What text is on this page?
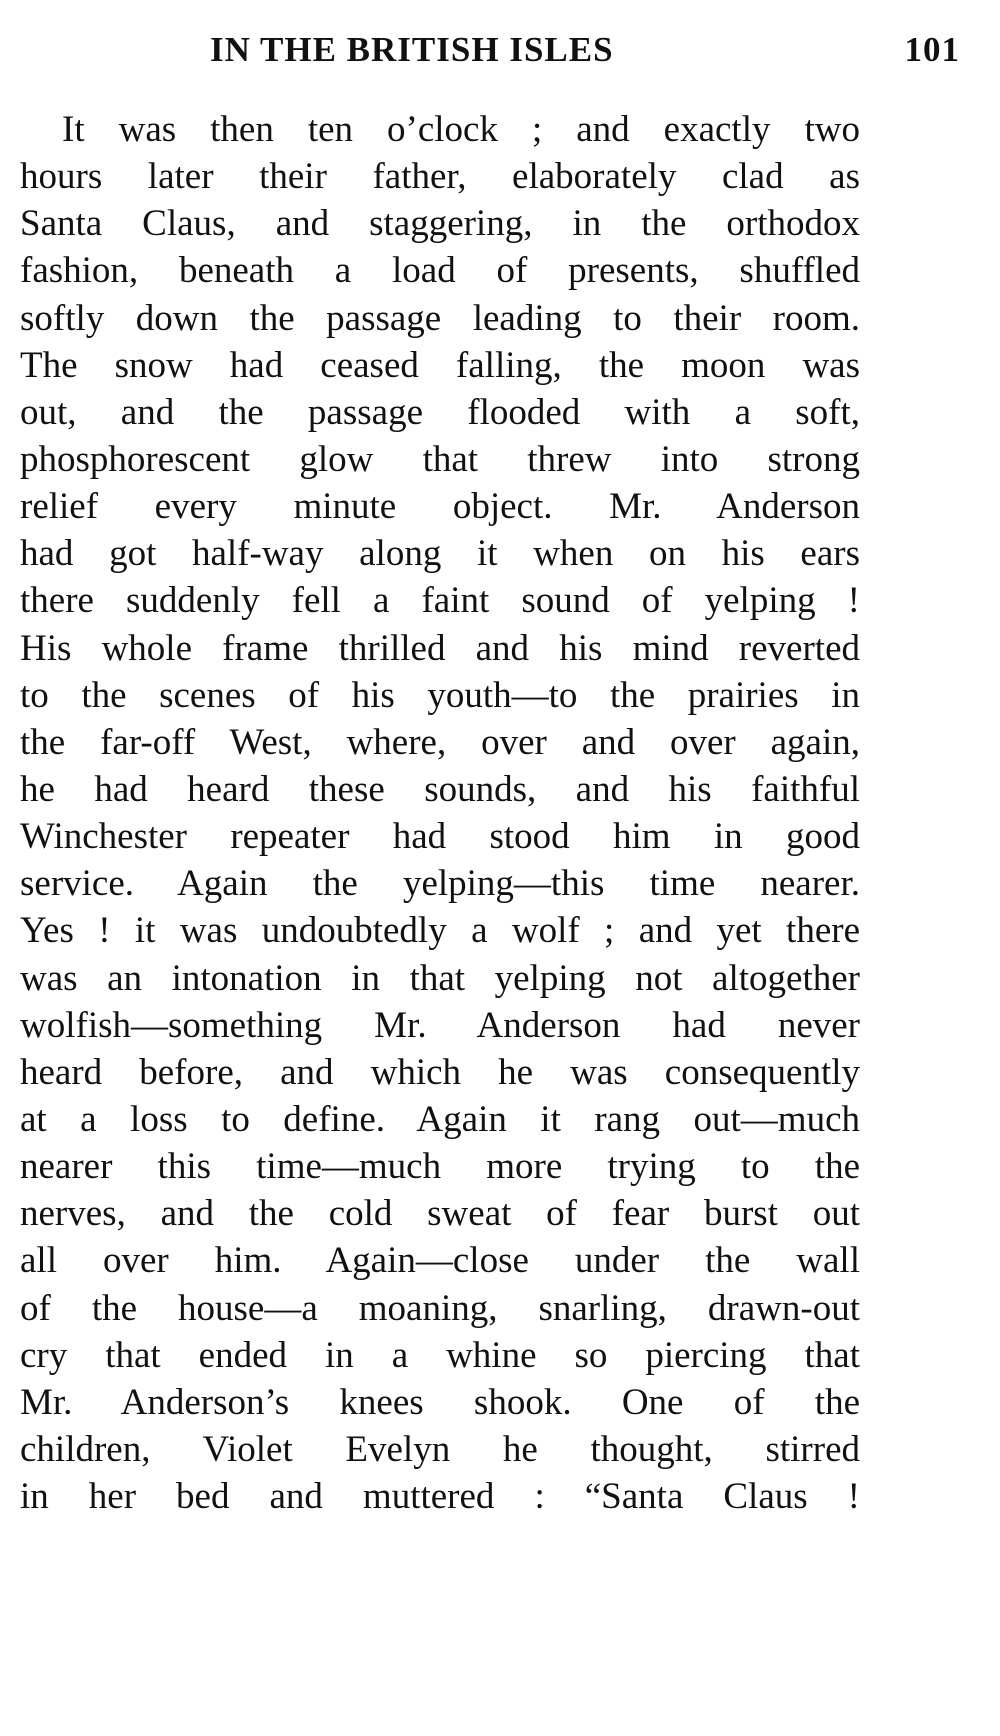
IN THE BRITISH ISLES	101
It was then ten o’clock ; and exactly two
hours later their father, elaborately clad as
Santa Claus, and staggering, in the orthodox
fashion, beneath a load of presents, shuffled
softly down the passage leading to their room.
The snow had ceased falling, the moon was
out, and the passage flooded with a soft,
phosphorescent glow that threw into strong
relief every minute object. Mr. Anderson
had got half-way along it when on his ears
there suddenly fell a faint sound of yelping !
His whole frame thrilled and his mind reverted
to the scenes of his youth—to the prairies in
the far-off West, where, over and over again,
he had heard these sounds, and his faithful
Winchester repeater had stood him in good
service. Again the yelping—this time nearer.
Yes ! it was undoubtedly a wolf ; and yet there
was an intonation in that yelping not altogether
wolfish—something Mr. Anderson had never
heard before, and which he was consequently
at a loss to define. Again it rang out—much
nearer this time—much more trying to the
nerves, and the cold sweat of fear burst out
all over him. Again—close under the wall
of the house—a moaning, snarling, drawn-out
cry that ended in a whine so piercing that
Mr. Anderson’s knees shook. One of the
children, Violet Evelyn he thought, stirred
in her bed and muttered : “Santa Claus !
